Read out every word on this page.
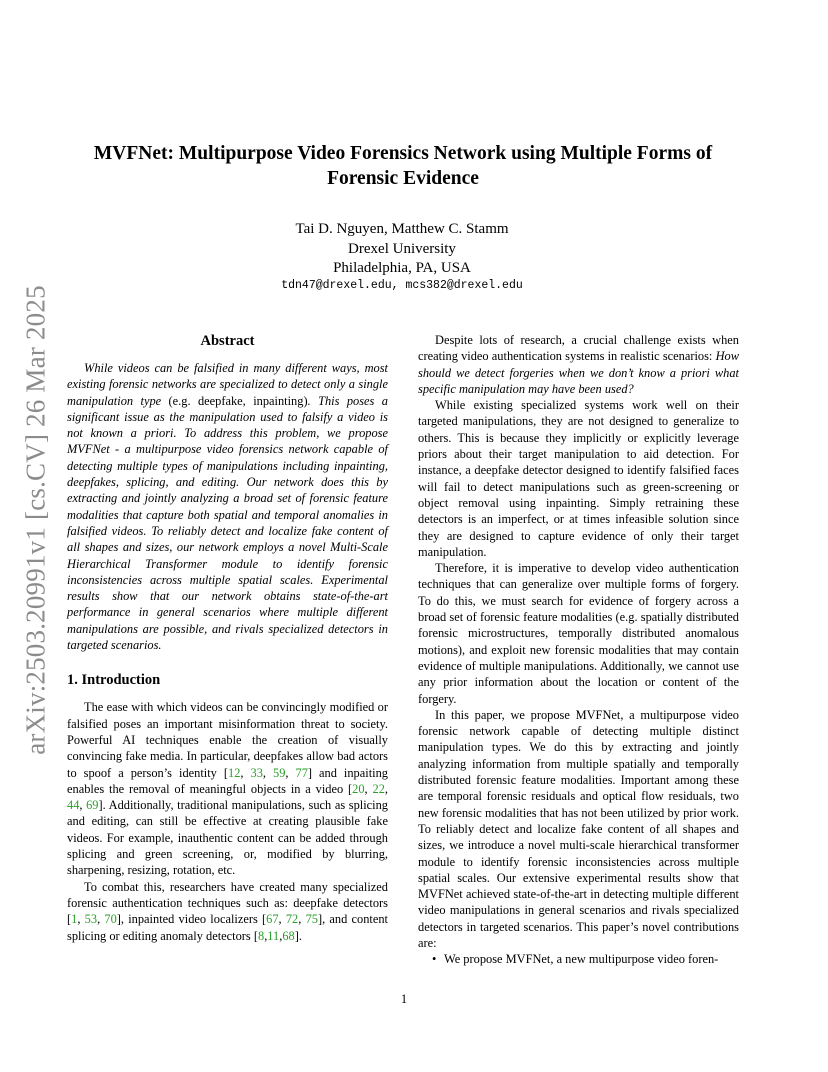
arXiv:2503.20991v1 [cs.CV] 26 Mar 2025
MVFNet: Multipurpose Video Forensics Network using Multiple Forms of Forensic Evidence
Tai D. Nguyen, Matthew C. Stamm
Drexel University
Philadelphia, PA, USA
tdn47@drexel.edu, mcs382@drexel.edu
Abstract

While videos can be falsified in many different ways, most existing forensic networks are specialized to detect only a single manipulation type (e.g. deepfake, inpainting). This poses a significant issue as the manipulation used to falsify a video is not known a priori. To address this problem, we propose MVFNet - a multipurpose video forensics network capable of detecting multiple types of manipulations including inpainting, deepfakes, splicing, and editing. Our network does this by extracting and jointly analyzing a broad set of forensic feature modalities that capture both spatial and temporal anomalies in falsified videos. To reliably detect and localize fake content of all shapes and sizes, our network employs a novel Multi-Scale Hierarchical Transformer module to identify forensic inconsistencies across multiple spatial scales. Experimental results show that our network obtains state-of-the-art performance in general scenarios where multiple different manipulations are possible, and rivals specialized detectors in targeted scenarios.

1. Introduction

The ease with which videos can be convincingly modified or falsified poses an important misinformation threat to society. Powerful AI techniques enable the creation of visually convincing fake media. In particular, deepfakes allow bad actors to spoof a person’s identity [12, 33, 59, 77] and inpaiting enables the removal of meaningful objects in a video [20, 22, 44, 69]. Additionally, traditional manipulations, such as splicing and editing, can still be effective at creating plausible fake videos. For example, inauthentic content can be added through splicing and green screening, or, modified by blurring, sharpening, resizing, rotation, etc.

To combat this, researchers have created many specialized forensic authentication techniques such as: deepfake detectors [1, 53, 70], inpainted video localizers [67, 72, 75], and content splicing or editing anomaly detectors [8,11,68].

Despite lots of research, a crucial challenge exists when creating video authentication systems in realistic scenarios: How should we detect forgeries when we don’t know a priori what specific manipulation may have been used?

While existing specialized systems work well on their targeted manipulations, they are not designed to generalize to others. This is because they implicitly or explicitly leverage priors about their target manipulation to aid detection. For instance, a deepfake detector designed to identify falsified faces will fail to detect manipulations such as green-screening or object removal using inpainting. Simply retraining these detectors is an imperfect, or at times infeasible solution since they are designed to capture evidence of only their target manipulation.

Therefore, it is imperative to develop video authentication techniques that can generalize over multiple forms of forgery. To do this, we must search for evidence of forgery across a broad set of forensic feature modalities (e.g. spatially distributed forensic microstructures, temporally distributed anomalous motions), and exploit new forensic modalities that may contain evidence of multiple manipulations. Additionally, we cannot use any prior information about the location or content of the forgery.

In this paper, we propose MVFNet, a multipurpose video forensic network capable of detecting multiple distinct manipulation types. We do this by extracting and jointly analyzing information from multiple spatially and temporally distributed forensic feature modalities. Important among these are temporal forensic residuals and optical flow residuals, two new forensic modalities that has not been utilized by prior work. To reliably detect and localize fake content of all shapes and sizes, we introduce a novel multi-scale hierarchical transformer module to identify forensic inconsistencies across multiple spatial scales. Our extensive experimental results show that MVFNet achieved state-of-the-art in detecting multiple different video manipulations in general scenarios and rivals specialized detectors in targeted scenarios. This paper’s novel contributions are:

• We propose MVFNet, a new multipurpose video foren-

1
